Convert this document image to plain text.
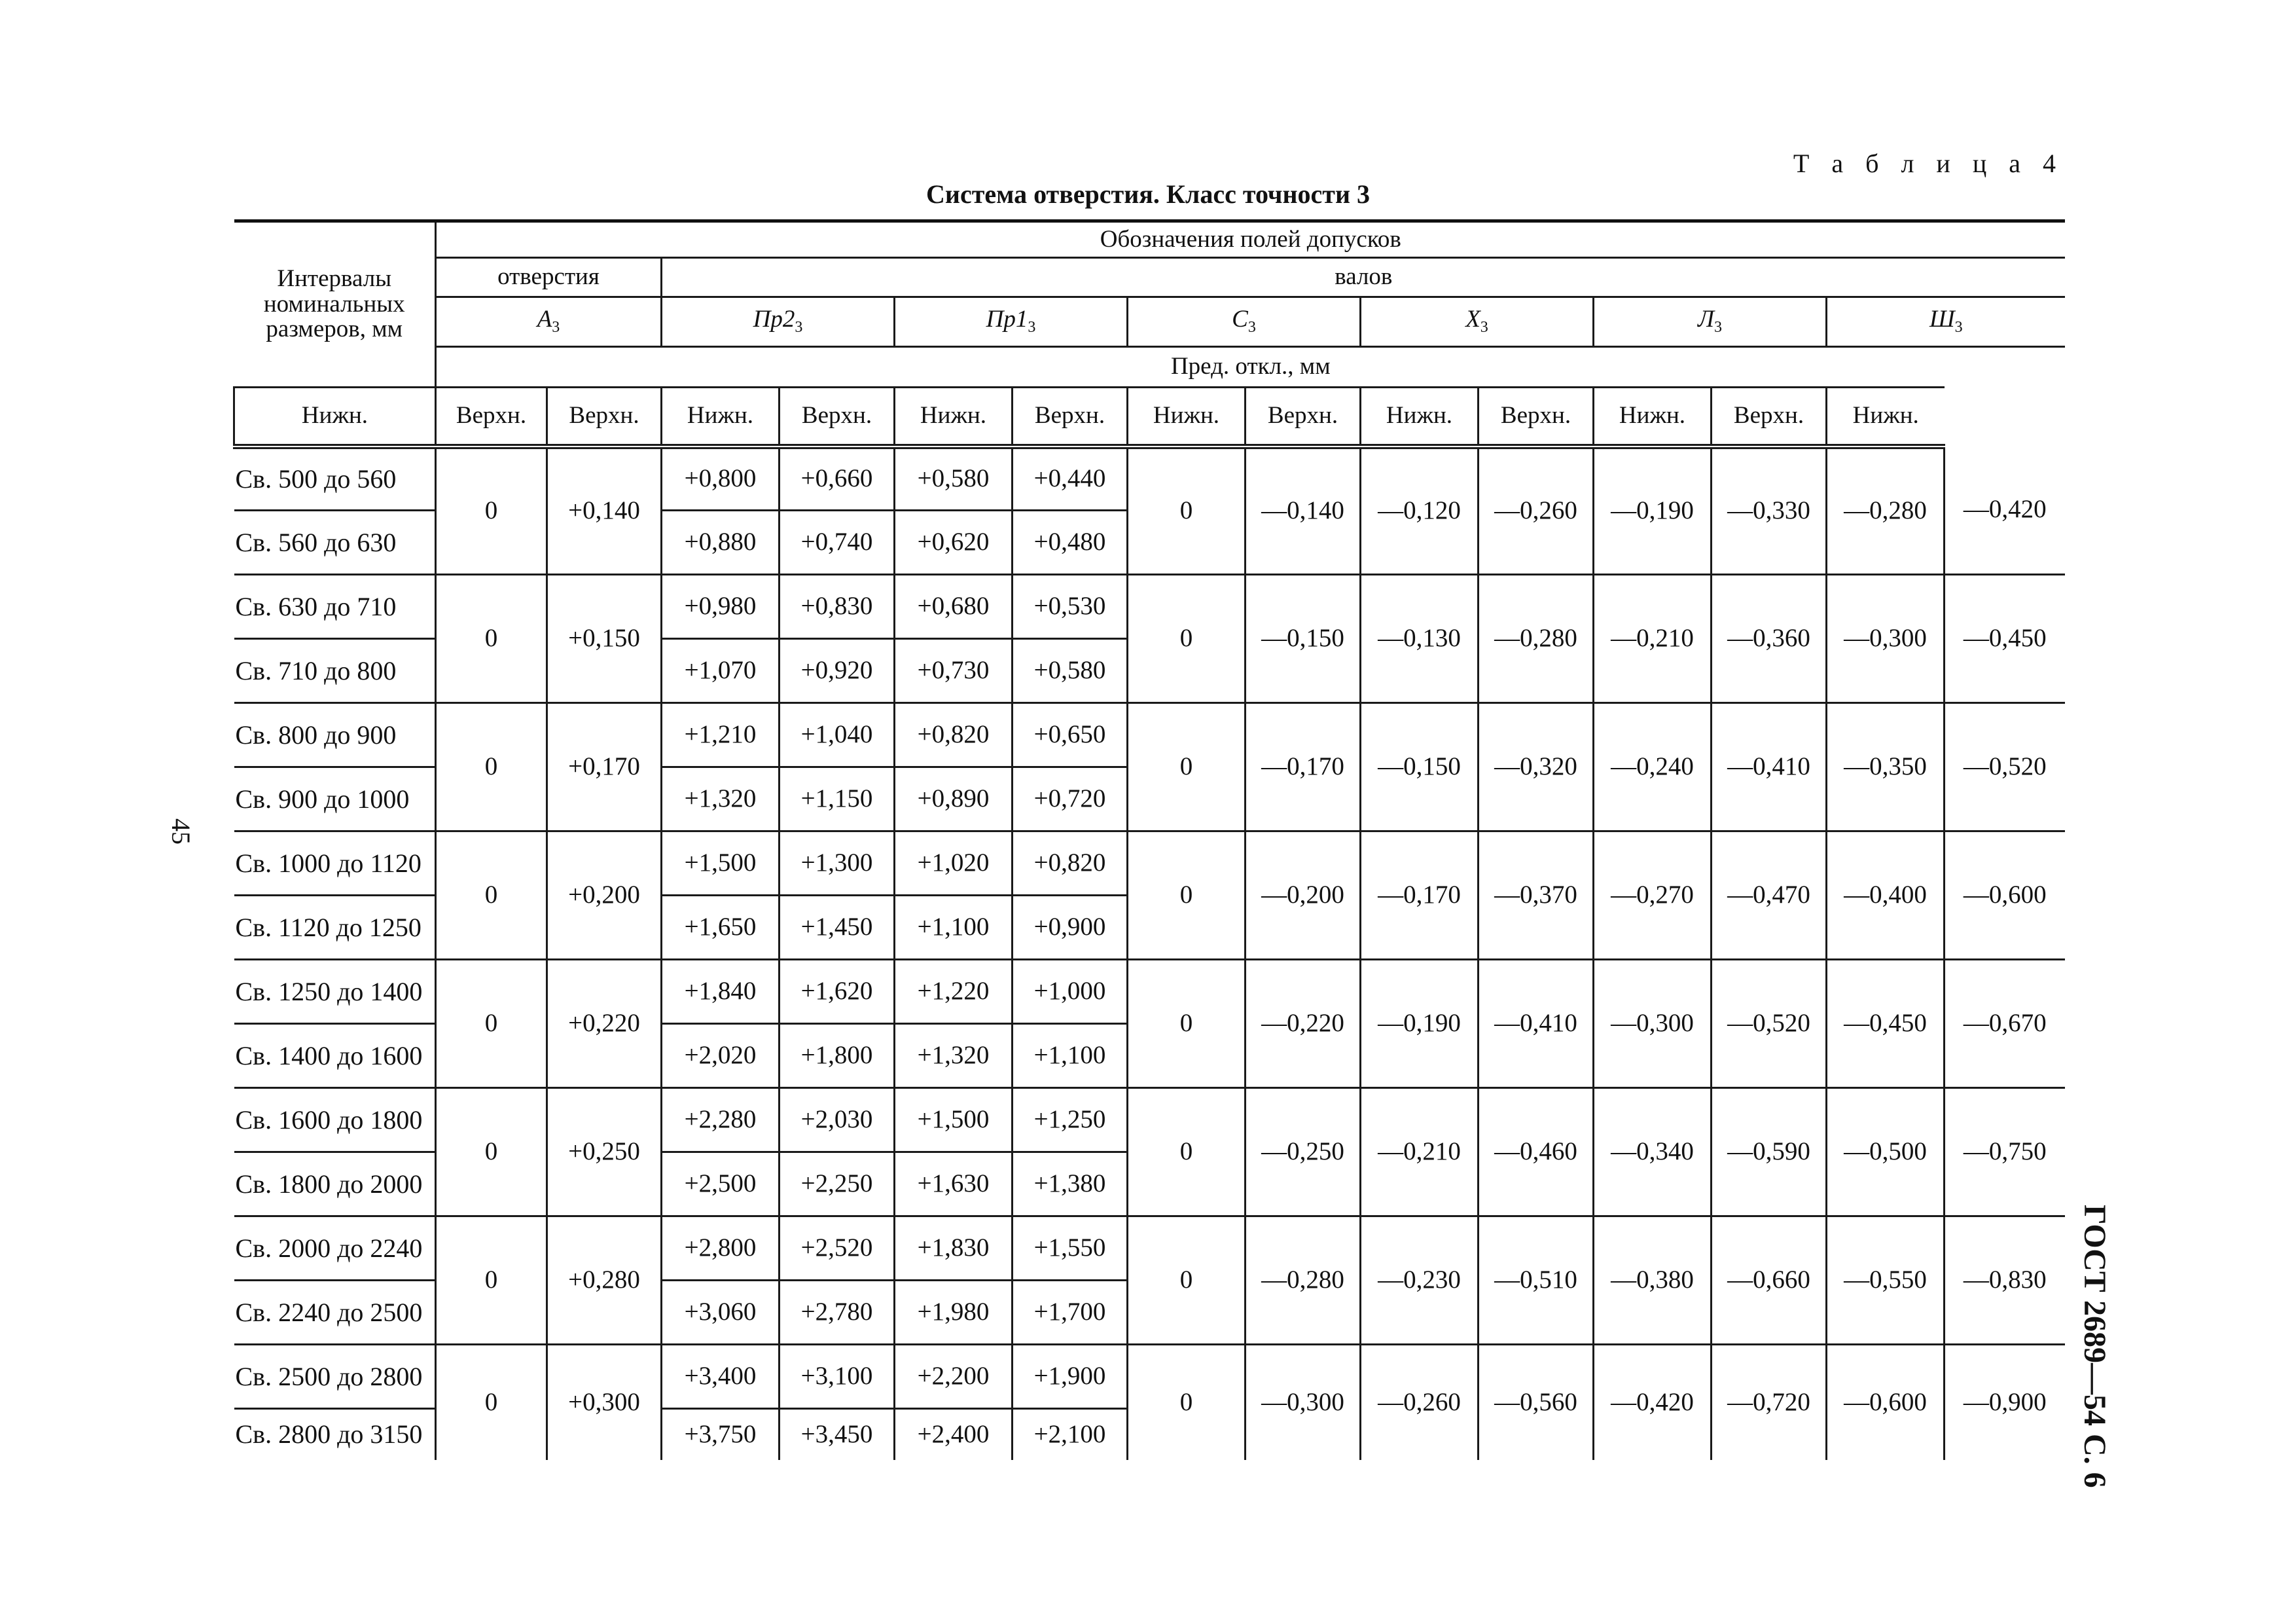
Т а б л и ц а 4
Система отверстия. Класс точности 3
45
ГОСТ 2689—54 С. 6
Интервалы номинальных размеров, мм	Обозначения полей допусков													
	отверстия		валов											
	$А_3$		$Пр2_3$		$Пр1_3$		$С_3$		$Х_3$		$Л_3$		$Ш_3$
	Пред. откл., мм													
Нижн.	Верхн.	Верхн.	Нижн.	Верхн.	Нижн.	Верхн.	Нижн.	Верхн.	Нижн.	Верхн.	Нижн.	Верхн.	Нижн.	
Св. 500 до 560	0	+0,140	+0,800	+0,660	+0,580	+0,440	0	—0,140	—0,120	—0,260	—0,190	—0,330	—0,280	—0,420
Св. 560 до 630			+0,880	+0,740	+0,620	+0,480								
Св. 630 до 710	0	+0,150	+0,980	+0,830	+0,680	+0,530	0	—0,150	—0,130	—0,280	—0,210	—0,360	—0,300	—0,450
Св. 710 до 800			+1,070	+0,920	+0,730	+0,580								
Св. 800 до 900	0	+0,170	+1,210	+1,040	+0,820	+0,650	0	—0,170	—0,150	—0,320	—0,240	—0,410	—0,350	—0,520
Св. 900 до 1000			+1,320	+1,150	+0,890	+0,720								
Св. 1000 до 1120	0	+0,200	+1,500	+1,300	+1,020	+0,820	0	—0,200	—0,170	—0,370	—0,270	—0,470	—0,400	—0,600
Св. 1120 до 1250			+1,650	+1,450	+1,100	+0,900								
Св. 1250 до 1400	0	+0,220	+1,840	+1,620	+1,220	+1,000	0	—0,220	—0,190	—0,410	—0,300	—0,520	—0,450	—0,670
Св. 1400 до 1600			+2,020	+1,800	+1,320	+1,100								
Св. 1600 до 1800	0	+0,250	+2,280	+2,030	+1,500	+1,250	0	—0,250	—0,210	—0,460	—0,340	—0,590	—0,500	—0,750
Св. 1800 до 2000			+2,500	+2,250	+1,630	+1,380								
Св. 2000 до 2240	0	+0,280	+2,800	+2,520	+1,830	+1,550	0	—0,280	—0,230	—0,510	—0,380	—0,660	—0,550	—0,830
Св. 2240 до 2500			+3,060	+2,780	+1,980	+1,700								
Св. 2500 до 2800	0	+0,300	+3,400	+3,100	+2,200	+1,900	0	—0,300	—0,260	—0,560	—0,420	—0,720	—0,600	—0,900
Св. 2800 до 3150			+3,750	+3,450	+2,400	+2,100								
